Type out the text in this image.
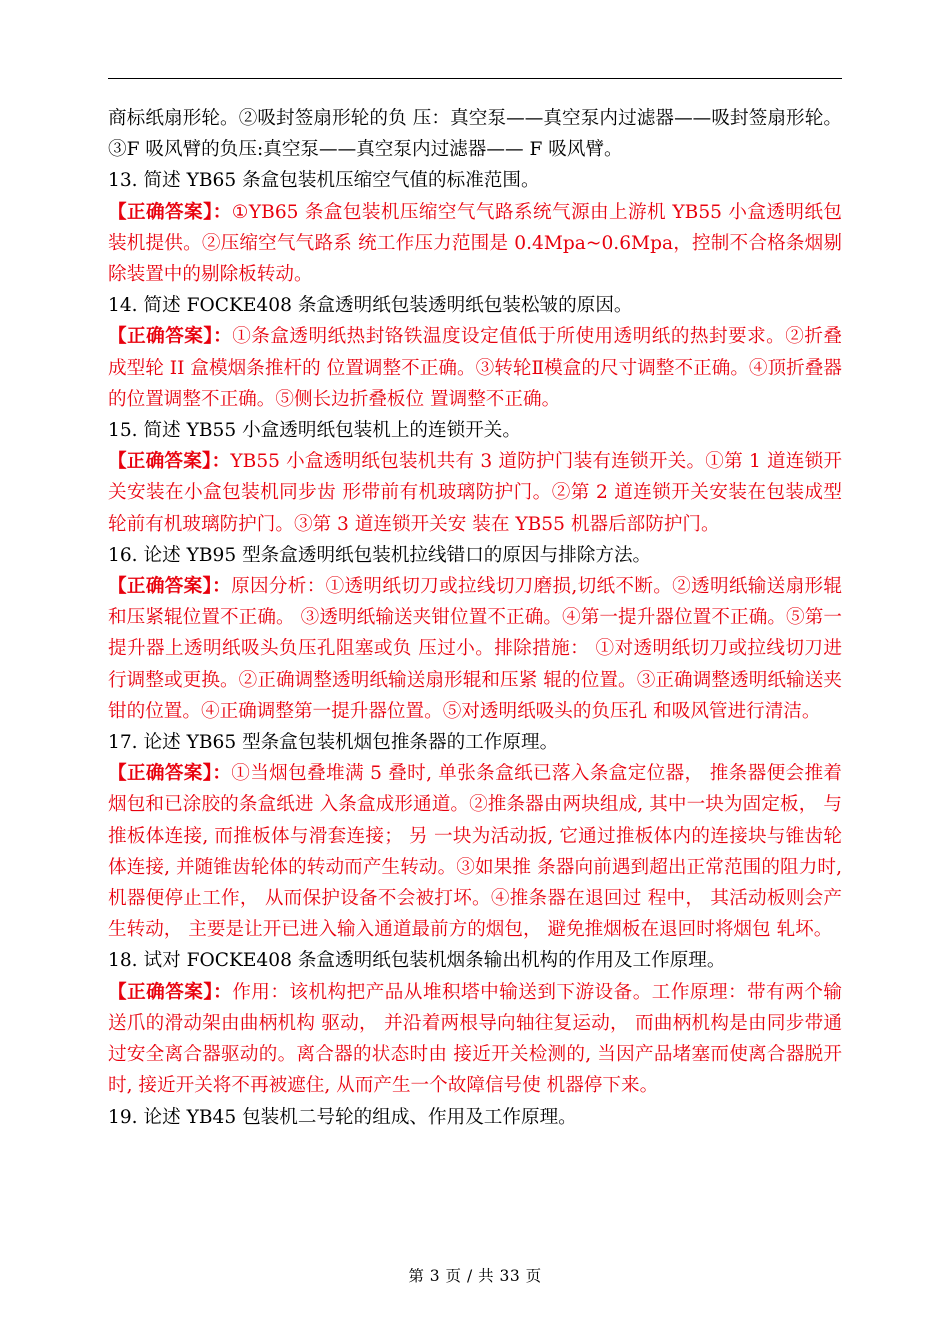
商标纸扇形轮。②吸封签扇形轮的负 压：真空泵——真空泵内过滤器——吸封签扇形轮。③F 吸风臂的负压:真空泵——真空泵内过滤器—— F 吸风臂。

13. 简述 YB65 条盒包装机压缩空气值的标准范围。

【正确答案】：①YB65 条盒包装机压缩空气气路系统气源由上游机 YB55 小盒透明纸包装机提供。②压缩空气气路系 统工作压力范围是 0.4Mpa~0.6Mpa，控制不合格条烟剔除装置中的剔除板转动。

14. 简述 FOCKE408 条盒透明纸包装透明纸包装松皱的原因。

【正确答案】：①条盒透明纸热封铬铁温度设定值低于所使用透明纸的热封要求。②折叠成型轮 II 盒模烟条推杆的 位置调整不正确。③转轮Ⅱ模盒的尺寸调整不正确。④顶折叠器的位置调整不正确。⑤侧长边折叠板位 置调整不正确。

15. 简述 YB55 小盒透明纸包装机上的连锁开关。

【正确答案】：YB55 小盒透明纸包装机共有 3 道防护门装有连锁开关。①第 1 道连锁开关安装在小盒包装机同步齿 形带前有机玻璃防护门。②第 2 道连锁开关安装在包装成型轮前有机玻璃防护门。③第 3 道连锁开关安 装在 YB55 机器后部防护门。

16. 论述 YB95 型条盒透明纸包装机拉线错口的原因与排除方法。

【正确答案】：原因分析：①透明纸切刀或拉线切刀磨损,切纸不断。②透明纸输送扇形辊和压紧辊位置不正确。 ③透明纸输送夹钳位置不正确。④第一提升器位置不正确。⑤第一提升器上透明纸吸头负压孔阻塞或负 压过小。排除措施： ①对透明纸切刀或拉线切刀进行调整或更换。②正确调整透明纸输送扇形辊和压紧 辊的位置。③正确调整透明纸输送夹钳的位置。④正确调整第一提升器位置。⑤对透明纸吸头的负压孔 和吸风管进行清洁。

17. 论述 YB65 型条盒包装机烟包推条器的工作原理。

【正确答案】：①当烟包叠堆满 5 叠时, 单张条盒纸已落入条盒定位器， 推条器便会推着烟包和已涂胶的条盒纸进 入条盒成形通道。②推条器由两块组成, 其中一块为固定板， 与推板体连接, 而推板体与滑套连接； 另 一块为活动扳, 它通过推板体内的连接块与锥齿轮体连接, 并随锥齿轮体的转动而产生转动。③如果推 条器向前遇到超出正常范围的阻力时, 机器便停止工作， 从而保护设备不会被打坏。④推条器在退回过 程中， 其活动板则会产生转动， 主要是让开已进入输入通道最前方的烟包， 避免推烟板在退回时将烟包 轧坏。

18. 试对 FOCKE408 条盒透明纸包装机烟条输出机构的作用及工作原理。

【正确答案】：作用：该机构把产品从堆积塔中输送到下游设备。工作原理：带有两个输送爪的滑动架由曲柄机构 驱动， 并沿着两根导向轴往复运动， 而曲柄机构是由同步带通过安全离合器驱动的。离合器的状态时由 接近开关检测的, 当因产品堵塞而使离合器脱开时, 接近开关将不再被遮住, 从而产生一个故障信号使 机器停下来。

19. 论述 YB45 包装机二号轮的组成、作用及工作原理。

第 3 页 / 共 33 页
